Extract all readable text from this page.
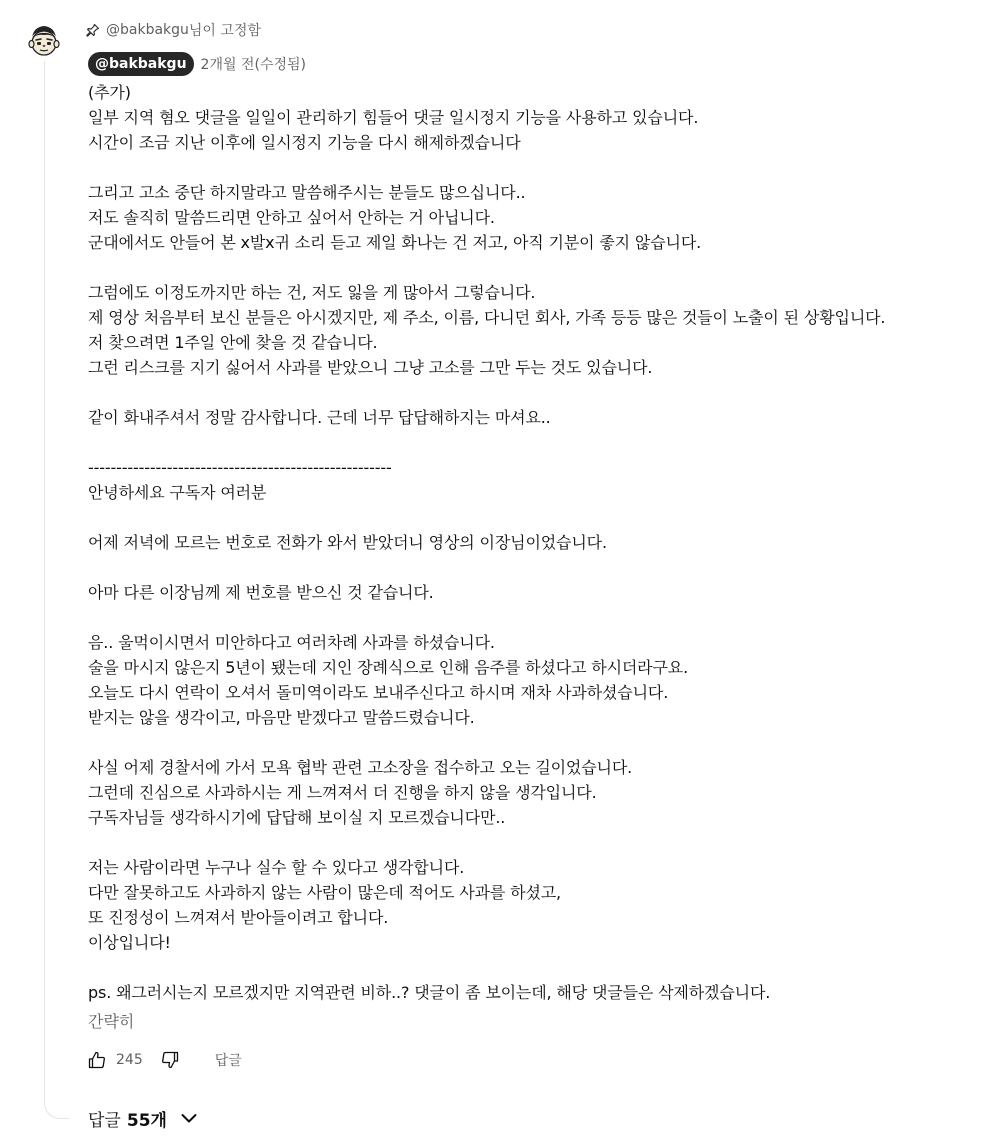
@bakbakgu 님이 고정함
@bakbakgu	2개월 전(수정됨)
(추가)
일부 지역 혐오 댓글을 일일이 관리하기 힘들어 댓글 일시정지 기능을 사용하고 있습니다.
시간이 조금 지난 이후에 일시정지 기능을 다시 해제하겠습니다

그리고 고소 중단 하지말라고 말씀해주시는 분들도 많으십니다..
저도 솔직히 말씀드리면 안하고 싶어서 안하는 거 아닙니다.
군대에서도 안들어 본 x발x귀 소리 듣고 제일 화나는 건 저고, 아직 기분이 좋지 않습니다.

그럼에도 이정도까지만 하는 건, 저도 잃을 게 많아서 그렇습니다.
제 영상 처음부터 보신 분들은 아시겠지만, 제 주소, 이름, 다니던 회사, 가족 등등 많은 것들이 노출이 된 상황입니다.
저 찾으려면 1주일 안에 찾을 것 같습니다.
그런 리스크를 지기 싫어서 사과를 받았으니 그냥 고소를 그만 두는 것도 있습니다.

같이 화내주셔서 정말 감사합니다. 근데 너무 답답해하지는 마셔요..

------------------------------------------------------
안녕하세요 구독자 여러분

어제 저녁에 모르는 번호로 전화가 와서 받았더니 영상의 이장님이었습니다.

아마 다른 이장님께 제 번호를 받으신 것 같습니다.

음.. 울먹이시면서 미안하다고 여러차례 사과를 하셨습니다.
술을 마시지 않은지 5년이 됐는데 지인 장례식으로 인해 음주를 하셨다고 하시더라구요.
오늘도 다시 연락이 오셔서 돌미역이라도 보내주신다고 하시며 재차 사과하셨습니다.
받지는 않을 생각이고, 마음만 받겠다고 말씀드렸습니다.

사실 어제 경찰서에 가서 모욕 협박 관련 고소장을 접수하고 오는 길이었습니다.
그런데 진심으로 사과하시는 게 느껴져서 더 진행을 하지 않을 생각입니다.
구독자님들 생각하시기에 답답해 보이실 지 모르겠습니다만..

저는 사람이라면 누구나 실수 할 수 있다고 생각합니다.
다만 잘못하고도 사과하지 않는 사람이 많은데 적어도 사과를 하셨고,
또 진정성이 느껴져서 받아들이려고 합니다.
이상입니다!

ps. 왜그러시는지 모르겠지만 지역관련 비하..? 댓글이 좀 보이는데, 해당 댓글들은 삭제하겠습니다.
간략히
245	답글
답글 55개
